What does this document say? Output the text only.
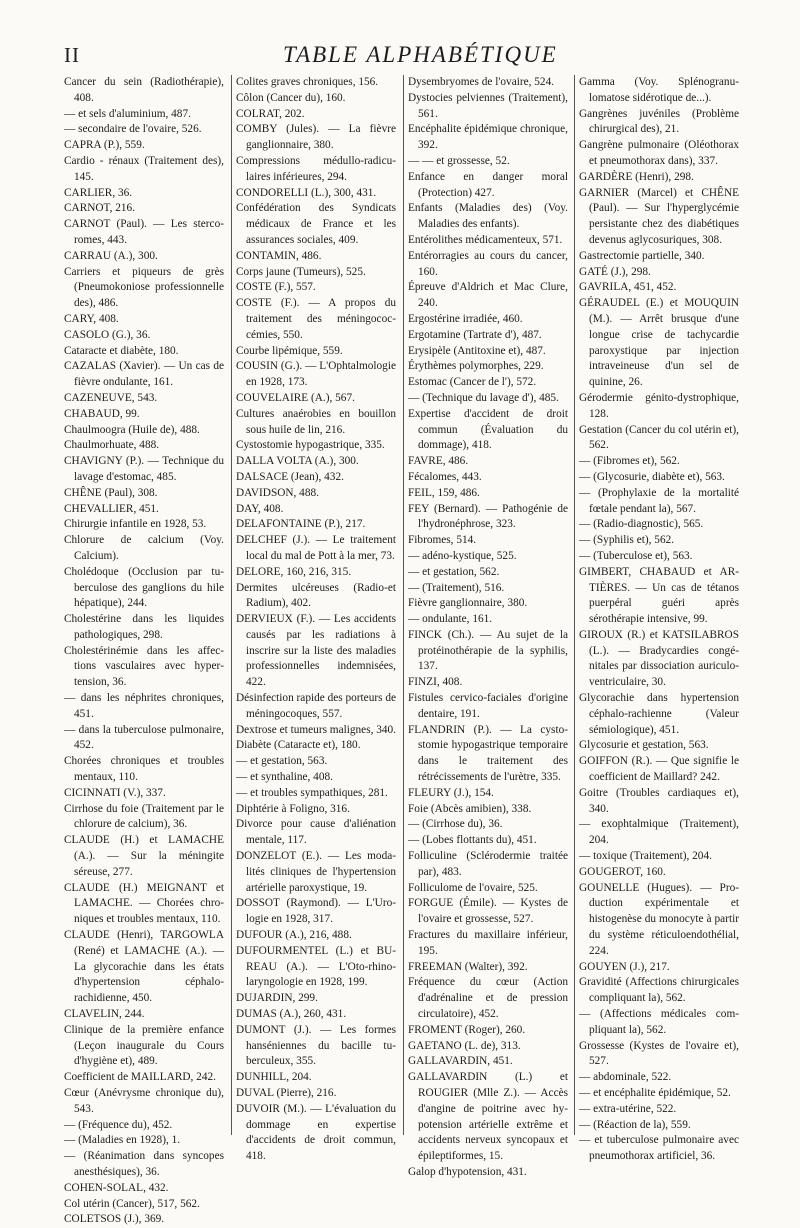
II	TABLE ALPHABÉTIQUE

Cancer du sein (Radiothérapie), 408.

— et sels d'aluminium, 487.

— secondaire de l'ovaire, 526.

CAPRA (P.), 559.

Cardio - rénaux (Traitement des), 145.

CARLIER, 36.

CARNOT, 216.

CARNOT (Paul). — Les stercoromes, 443.

CARRAU (A.), 300.

Carriers et piqueurs de grès (Pneumokoniose professionnelle des), 486.

CARY, 408.

CASOLO (G.), 36.

Cataracte et diabète, 180.

CAZALAS (Xavier). — Un cas de fièvre ondulante, 161.

CAZENEUVE, 543.

CHABAUD, 99.

Chaulmoogra (Huile de), 488.

Chaulmorhuate, 488.

CHAVIGNY (P.). — Technique du lavage d'estomac, 485.

CHÊNE (Paul), 308.

CHEVALLIER, 451.

Chirurgie infantile en 1928, 53.

Chlorure de calcium (Voy. Calcium).

Cholédoque (Occlusion par tuberculose des ganglions du hile hépatique), 244.

Cholestérine dans les liquides pathologiques, 298.

Cholestérinémie dans les affections vasculaires avec hypertension, 36.

— dans les néphrites chroniques, 451.

— dans la tuberculose pulmonaire, 452.

Chorées chroniques et troubles mentaux, 110.

CICINNATI (V.), 337.

Cirrhose du foie (Traitement par le chlorure de calcium), 36.

CLAUDE (H.) et LAMACHE (A.). — Sur la méningite séreuse, 277.

CLAUDE (H.) MEIGNANT et LAMACHE. — Chorées chroniques et troubles mentaux, 110.

CLAUDE (Henri), TARGOWLA (René) et LAMACHE (A.). — La glycorachie dans les états d'hypertension céphalo-rachidienne, 450.

CLAVELIN, 244.

Clinique de la première enfance (Leçon inaugurale du Cours d'hygiène et), 489.

Coefficient de MAILLARD, 242.

Cœur (Anévrysme chronique du), 543.

— (Fréquence du), 452.

— (Maladies en 1928), 1.

— (Réanimation dans syncopes anesthésiques), 36.

COHEN-SOLAL, 432.

Col utérin (Cancer), 517, 562.

COLETSOS (J.), 369.

Colites graves chroniques, 156.

Côlon (Cancer du), 160.

COLRAT, 202.

COMBY (Jules). — La fièvre ganglionnaire, 380.

Compressions médullo-radiculaires inférieures, 294.

CONDORELLI (L.), 300, 431.

Confédération des Syndicats médicaux de France et les assurances sociales, 409.

CONTAMIN, 486.

Corps jaune (Tumeurs), 525.

COSTE (F.), 557.

COSTE (F.). — A propos du traitement des méningococcémies, 550.

Courbe lipémique, 559.

COUSIN (G.). — L'Ophtalmologie en 1928, 173.

COUVELAIRE (A.), 567.

Cultures anaérobies en bouillon sous huile de lin, 216.

Cystostomie hypogastrique, 335.

DALLA VOLTA (A.), 300.

DALSACE (Jean), 432.

DAVIDSON, 488.

DAY, 408.

DELAFONTAINE (P.), 217.

DELCHEF (J.). — Le traitement local du mal de Pott à la mer, 73.

DELORE, 160, 216, 315.

Dermites ulcéreuses (Radio-et Radium), 402.

DERVIEUX (F.). — Les accidents causés par les radiations à inscrire sur la liste des maladies professionnelles indemnisées, 422.

Désinfection rapide des porteurs de méningocoques, 557.

Dextrose et tumeurs malignes, 340.

Diabète (Cataracte et), 180.

— et gestation, 563.

— et synthaline, 408.

— et troubles sympathiques, 281.

Diphtérie à Foligno, 316.

Divorce pour cause d'aliénation mentale, 117.

DONZELOT (E.). — Les modalités cliniques de l'hypertension artérielle paroxystique, 19.

DOSSOT (Raymond). — L'Urologie en 1928, 317.

DUFOUR (A.), 216, 488.

DUFOURMENTEL (L.) et BUREAU (A.). — L'Oto-rhinolaryngologie en 1928, 199.

DUJARDIN, 299.

DUMAS (A.), 260, 431.

DUMONT (J.). — Les formes hanséniennes du bacille tuberculeux, 355.

DUNHILL, 204.

DUVAL (Pierre), 216.

DUVOIR (M.). — L'évaluation du dommage en expertise d'accidents de droit commun, 418.

Dysembryomes de l'ovaire, 524.

Dystocies pelviennes (Traitement), 561.

Encéphalite épidémique chronique, 392.

— — et grossesse, 52.

Enfance en danger moral (Protection) 427.

Enfants (Maladies des) (Voy. Maladies des enfants).

Entérolithes médicamenteux, 571.

Entérorragies au cours du cancer, 160.

Épreuve d'Aldrich et Mac Clure, 240.

Ergostérine irradiée, 460.

Ergotamine (Tartrate d'), 487.

Erysipèle (Antitoxine et), 487.

Érythèmes polymorphes, 229.

Estomac (Cancer de l'), 572.

— (Technique du lavage d'), 485.

Expertise d'accident de droit commun (Évaluation du dommage), 418.

FAVRE, 486.

Fécalomes, 443.

FEIL, 159, 486.

FEY (Bernard). — Pathogénie de l'hydronéphrose, 323.

Fibromes, 514.

— adéno-kystique, 525.

— et gestation, 562.

— (Traitement), 516.

Fièvre ganglionnaire, 380.

— ondulante, 161.

FINCK (Ch.). — Au sujet de la protéinothérapie de la syphilis, 137.

FINZI, 408.

Fistules cervico-faciales d'origine dentaire, 191.

FLANDRIN (P.). — La cystostomie hypogastrique temporaire dans le traitement des rétrécissements de l'urètre, 335.

FLEURY (J.), 154.

Foie (Abcès amibien), 338.

— (Cirrhose du), 36.

— (Lobes flottants du), 451.

Folliculine (Sclérodermie traitée par), 483.

Folliculome de l'ovaire, 525.

FORGUE (Émile). — Kystes de l'ovaire et grossesse, 527.

Fractures du maxillaire inférieur, 195.

FREEMAN (Walter), 392.

Fréquence du cœur (Action d'adrénaline et de pression circulatoire), 452.

FROMENT (Roger), 260.

GAETANO (L. de), 313.

GALLAVARDIN, 451.

GALLAVARDIN (L.) et ROUGIER (Mlle Z.). — Accès d'angine de poitrine avec hypotension artérielle extrême et accidents nerveux syncopaux et épileptiformes, 15.

Galop d'hypotension, 431.

Gamma (Voy. Splénogranulomatose sidérotique de...).

Gangrènes juvéniles (Problème chirurgical des), 21.

Gangrène pulmonaire (Oléothorax et pneumothorax dans), 337.

GARDÈRE (Henri), 298.

GARNIER (Marcel) et CHÊNE (Paul). — Sur l'hyperglycémie persistante chez des diabétiques devenus aglycosuriques, 308.

Gastrectomie partielle, 340.

GATÉ (J.), 298.

GAVRILA, 451, 452.

GÉRAUDEL (E.) et MOUQUIN (M.). — Arrêt brusque d'une longue crise de tachycardie paroxystique par injection intraveineuse d'un sel de quinine, 26.

Gérodermie génito-dystrophique, 128.

Gestation (Cancer du col utérin et), 562.

— (Fibromes et), 562.

— (Glycosurie, diabète et), 563.

— (Prophylaxie de la mortalité fœtale pendant la), 567.

— (Radio-diagnostic), 565.

— (Syphilis et), 562.

— (Tuberculose et), 563.

GIMBERT, CHABAUD et ARTIÈRES. — Un cas de tétanos puerpéral guéri après sérothérapie intensive, 99.

GIROUX (R.) et KATSILABROS (L.). — Bradycardies congénitales par dissociation auriculo-ventriculaire, 30.

Glycorachie dans hypertension céphalo-rachienne (Valeur sémiologique), 451.

Glycosurie et gestation, 563.

GOIFFON (R.). — Que signifie le coefficient de Maillard? 242.

Goitre (Troubles cardiaques et), 340.

— exophtalmique (Traitement), 204.

— toxique (Traitement), 204.

GOUGEROT, 160.

GOUNELLE (Hugues). — Production expérimentale et histogenèse du monocyte à partir du système réticuloendothélial, 224.

GOUYEN (J.), 217.

Gravidité (Affections chirurgicales compliquant la), 562.

— (Affections médicales compliquant la), 562.

Grossesse (Kystes de l'ovaire et), 527.

— abdominale, 522.

— et encéphalite épidémique, 52.

— extra-utérine, 522.

— (Réaction de la), 559.

— et tuberculose pulmonaire avec pneumothorax artificiel, 36.
